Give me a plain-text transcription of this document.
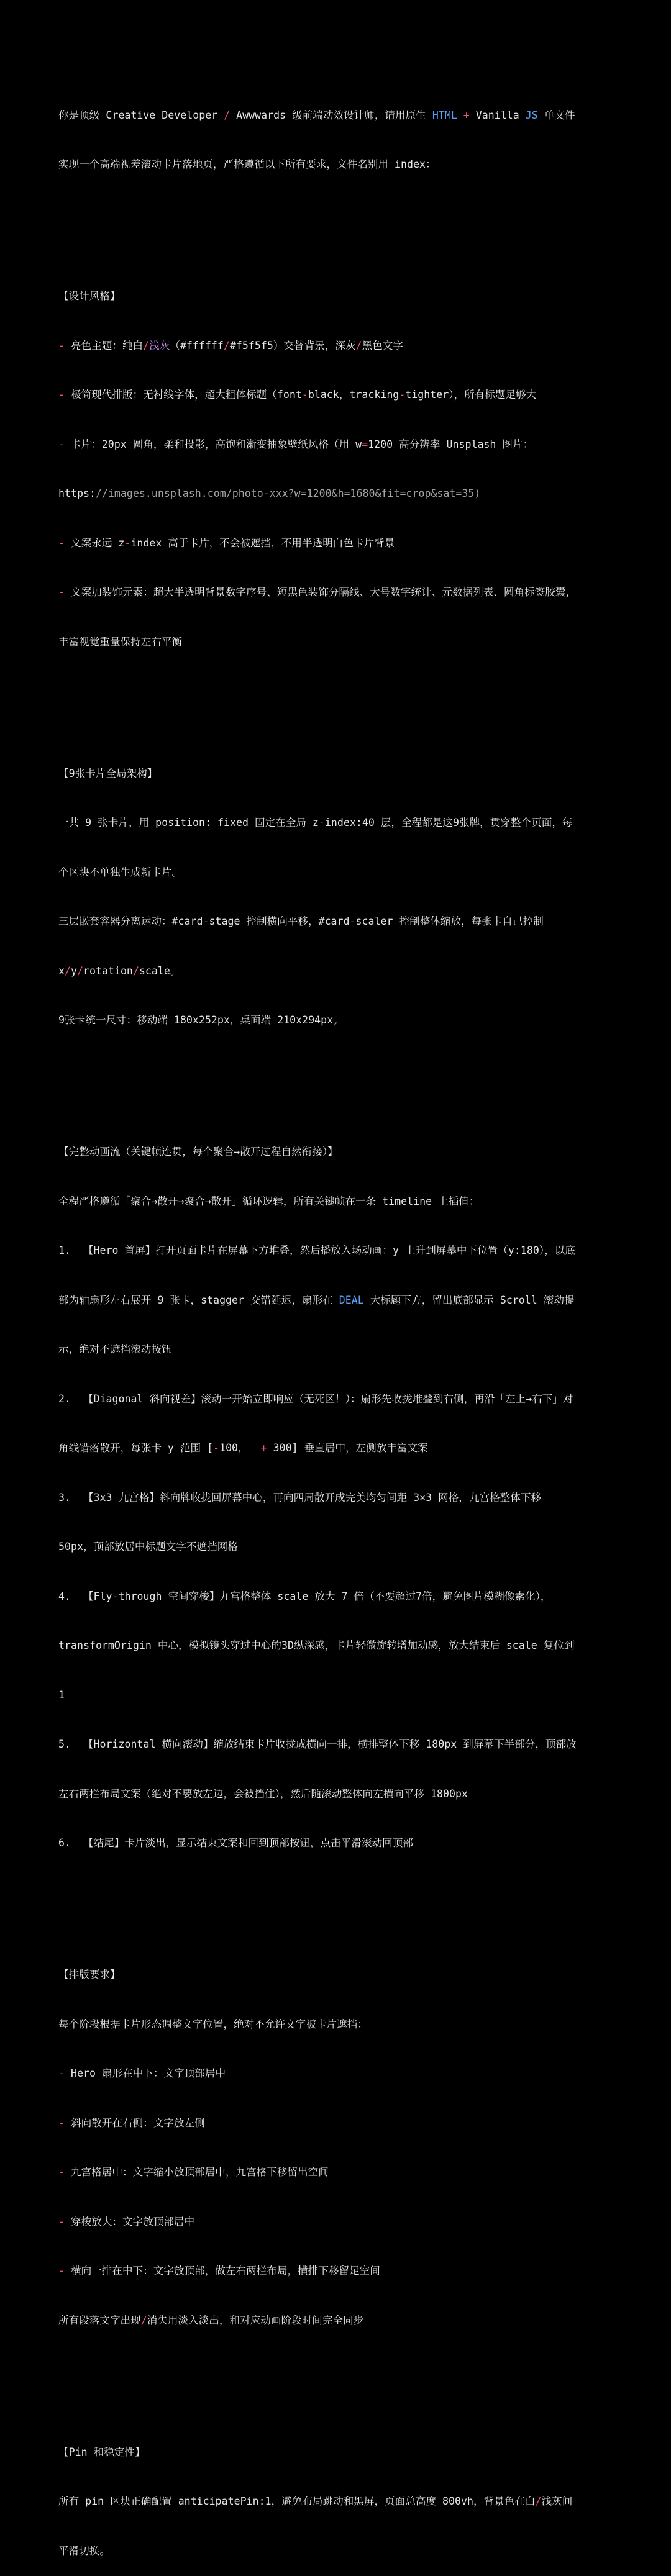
你是顶级 Creative Developer / Awwwards 级前端动效设计师，请用原生 HTML + Vanilla JS 单文件

实现一个高端视差滚动卡片落地页，严格遵循以下所有要求，文件名别用 index：

【设计风格】

- 亮色主题：纯白/浅灰（#ffffff/#f5f5f5）交替背景，深灰/黑色文字

- 极简现代排版：无衬线字体，超大粗体标题（font-black，tracking-tighter），所有标题足够大

- 卡片：20px 圆角，柔和投影，高饱和渐变抽象壁纸风格（用 w=1200 高分辨率 Unsplash 图片：

https://images.unsplash.com/photo-xxx?w=1200&h=1680&fit=crop&sat=35)

- 文案永远 z-index 高于卡片，不会被遮挡，不用半透明白色卡片背景

- 文案加装饰元素：超大半透明背景数字序号、短黑色装饰分隔线、大号数字统计、元数据列表、圆角标签胶囊，

丰富视觉重量保持左右平衡

【9张卡片全局架构】

一共 9 张卡片，用 position: fixed 固定在全局 z-index:40 层，全程都是这9张牌，贯穿整个页面，每

个区块不单独生成新卡片。

三层嵌套容器分离运动：#card-stage 控制横向平移，#card-scaler 控制整体缩放，每张卡自己控制

x/y/rotation/scale。

9张卡统一尺寸：移动端 180x252px，桌面端 210x294px。

【完整动画流（关键帧连贯，每个聚合→散开过程自然衔接）】

全程严格遵循「聚合→散开→聚合→散开」循环逻辑，所有关键帧在一条 timeline 上插值：

1.  【Hero 首屏】打开页面卡片在屏幕下方堆叠，然后播放入场动画：y 上升到屏幕中下位置（y:180），以底

部为轴扇形左右展开 9 张卡，stagger 交错延迟，扇形在 DEAL 大标题下方，留出底部显示 Scroll 滚动提

示，绝对不遮挡滚动按钮

2.  【Diagonal 斜向视差】滚动一开始立即响应（无死区！）：扇形先收拢堆叠到右侧，再沿「左上→右下」对

角线错落散开，每张卡 y 范围 [-100，  + 300] 垂直居中，左侧放丰富文案

3.  【3x3 九宫格】斜向牌收拢回屏幕中心，再向四周散开成完美均匀间距 3×3 网格，九宫格整体下移

50px，顶部放居中标题文字不遮挡网格

4.  【Fly-through 空间穿梭】九宫格整体 scale 放大 7 倍（不要超过7倍，避免图片模糊像素化），

transformOrigin 中心，模拟镜头穿过中心的3D纵深感，卡片轻微旋转增加动感，放大结束后 scale 复位到

1

5.  【Horizontal 横向滚动】缩放结束卡片收拢成横向一排，横排整体下移 180px 到屏幕下半部分，顶部放

左右两栏布局文案（绝对不要放左边，会被挡住），然后随滚动整体向左横向平移 1800px

6.  【结尾】卡片淡出，显示结束文案和回到顶部按钮，点击平滑滚动回顶部

【排版要求】

每个阶段根据卡片形态调整文字位置，绝对不允许文字被卡片遮挡：

- Hero 扇形在中下：文字顶部居中

- 斜向散开在右侧：文字放左侧

- 九宫格居中：文字缩小放顶部居中，九宫格下移留出空间

- 穿梭放大：文字放顶部居中

- 横向一排在中下：文字放顶部，做左右两栏布局，横排下移留足空间

所有段落文字出现/消失用淡入淡出，和对应动画阶段时间完全同步

【Pin 和稳定性】

所有 pin 区块正确配置 anticipatePin:1，避免布局跳动和黑屏，页面总高度 800vh，背景色在白/浅灰间

平滑切换。
